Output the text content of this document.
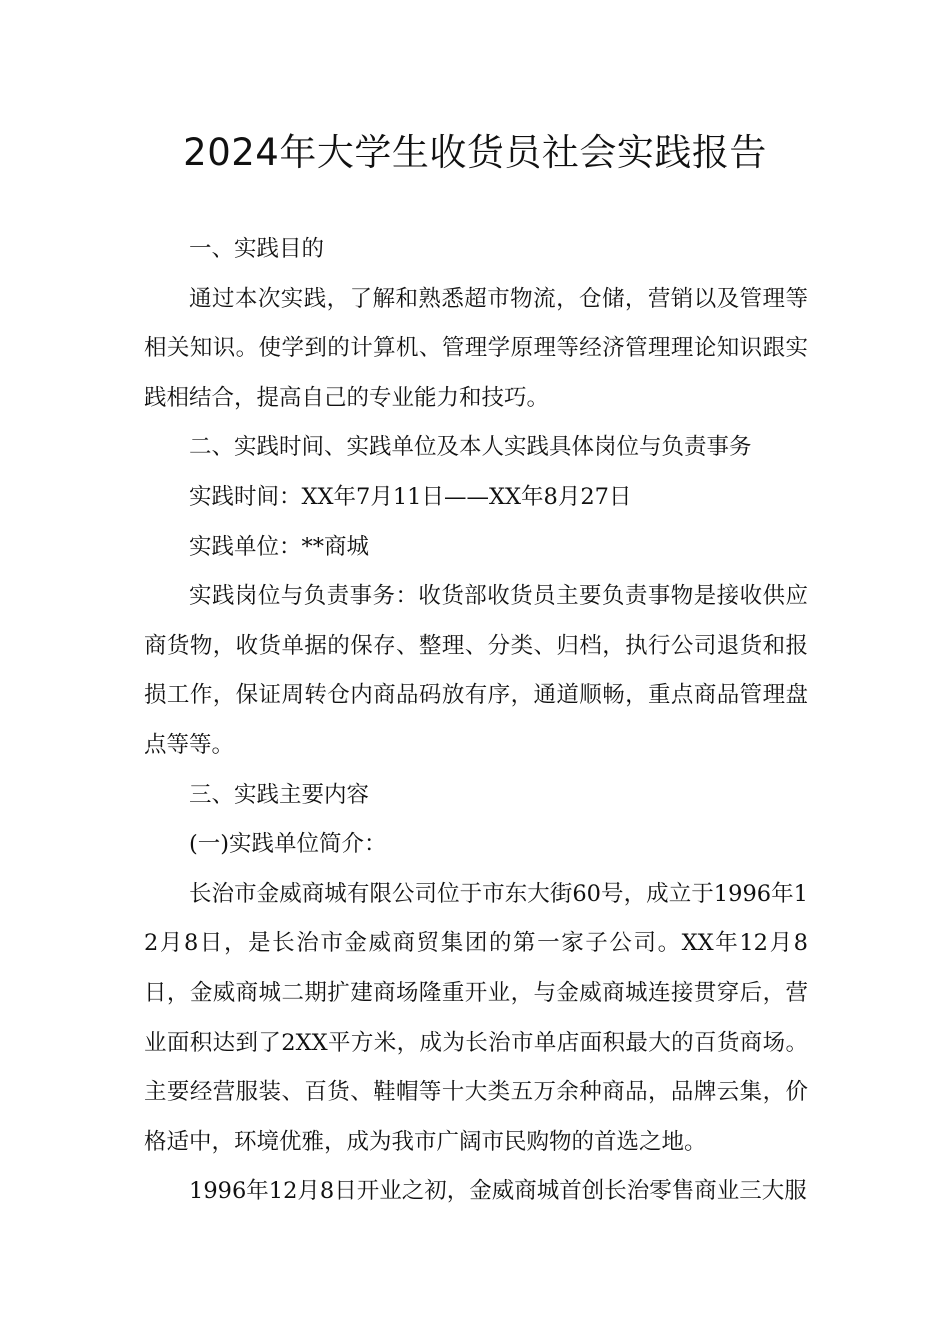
2024年大学生收货员社会实践报告

一、实践目的

通过本次实践，了解和熟悉超市物流，仓储，营销以及管理等相关知识。使学到的计算机、管理学原理等经济管理理论知识跟实践相结合，提高自己的专业能力和技巧。

二、实践时间、实践单位及本人实践具体岗位与负责事务

实践时间：XX年7月11日——XX年8月27日

实践单位：**商城

实践岗位与负责事务：收货部收货员主要负责事物是接收供应商货物，收货单据的保存、整理、分类、归档，执行公司退货和报损工作，保证周转仓内商品码放有序，通道顺畅，重点商品管理盘点等等。

三、实践主要内容

(一)实践单位简介：

长治市金威商城有限公司位于市东大街60号，成立于1996年12月8日，是长治市金威商贸集团的第一家子公司。XX年12月8日，金威商城二期扩建商场隆重开业，与金威商城连接贯穿后，营业面积达到了2XX平方米，成为长治市单店面积最大的百货商场。主要经营服装、百货、鞋帽等十大类五万余种商品，品牌云集，价格适中，环境优雅，成为我市广阔市民购物的首选之地。

1996年12月8日开业之初，金威商城首创长治零售商业三大服
